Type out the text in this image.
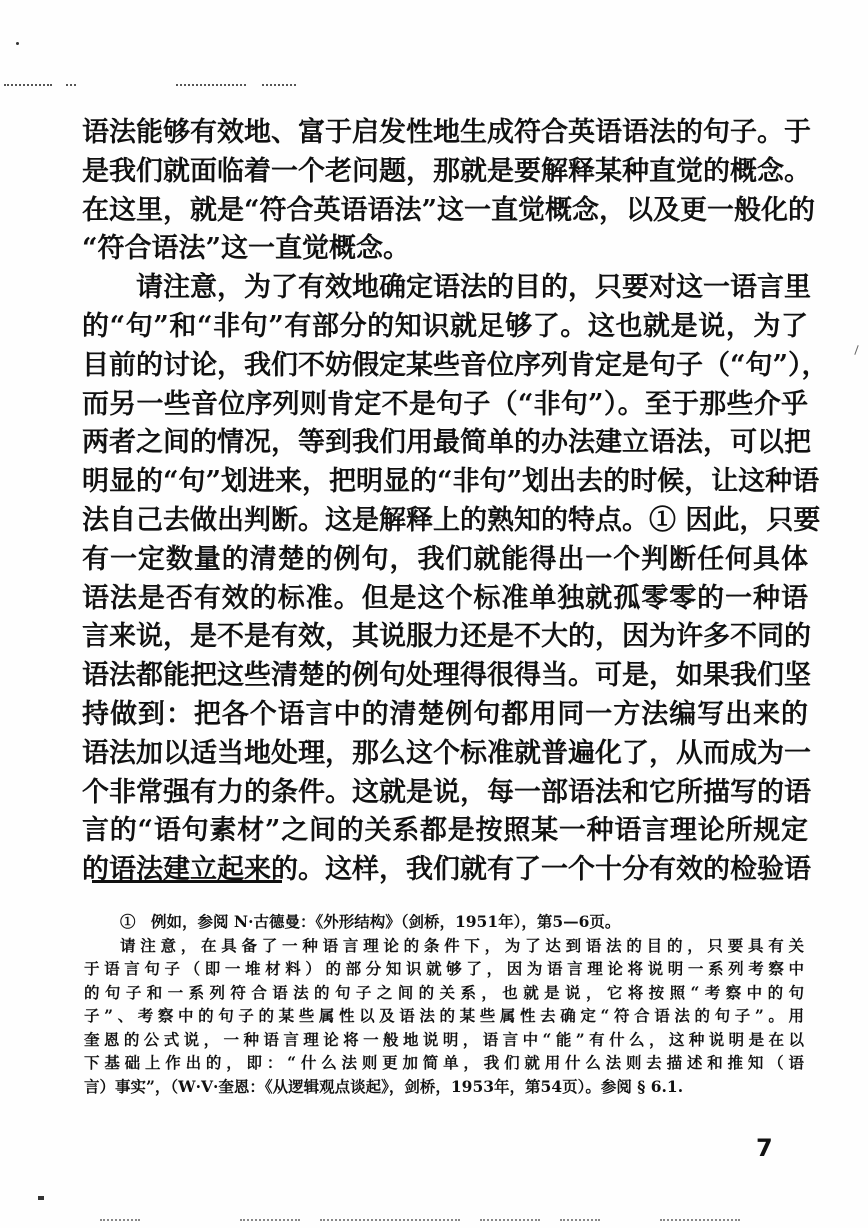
语法能够有效地、富于启发性地生成符合英语语法的句子。于
是我们就面临着一个老问题，那就是要解释某种直觉的概念。
在这里，就是“符合英语语法”这一直觉概念，以及更一般化的
“符合语法”这一直觉概念。
请注意，为了有效地确定语法的目的，只要对这一语言里
的“句”和“非句”有部分的知识就足够了。这也就是说，为了
目前的讨论，我们不妨假定某些音位序列肯定是句子（“句”），
而另一些音位序列则肯定不是句子（“非句”）。至于那些介乎
两者之间的情况，等到我们用最简单的办法建立语法，可以把
明显的“句”划进来，把明显的“非句”划出去的时候，让这种语
法自己去做出判断。这是解释上的熟知的特点。① 因此，只要
有一定数量的清楚的例句，我们就能得出一个判断任何具体
语法是否有效的标准。但是这个标准单独就孤零零的一种语
言来说，是不是有效，其说服力还是不大的，因为许多不同的
语法都能把这些清楚的例句处理得很得当。可是，如果我们坚
持做到：把各个语言中的清楚例句都用同一方法编写出来的
语法加以适当地处理，那么这个标准就普遍化了，从而成为一
个非常强有力的条件。这就是说，每一部语法和它所描写的语
言的“语句素材”之间的关系都是按照某一种语言理论所规定
的语法建立起来的。这样，我们就有了一个十分有效的检验语
①　例如，参阅 N·古德曼：《外形结构》（剑桥，1951年），第5—6页。
请注意，在具备了一种语言理论的条件下，为了达到语法的目的，只要具有关
于语言句子（即一堆材料）的部分知识就够了，因为语言理论将说明一系列考察中
的句子和一系列符合语法的句子之间的关系，也就是说，它将按照“考察中的句
子”、考察中的句子的某些属性以及语法的某些属性去确定“符合语法的句子”。用
奎恩的公式说，一种语言理论将一般地说明，语言中“能”有什么，这种说明是在以
下基础上作出的，即：“什么法则更加简单，我们就用什么法则去描述和推知（语
言）事实”，（W·V·奎恩：《从逻辑观点谈起》，剑桥，1953年，第54页）。参阅 § 6.1.
7
